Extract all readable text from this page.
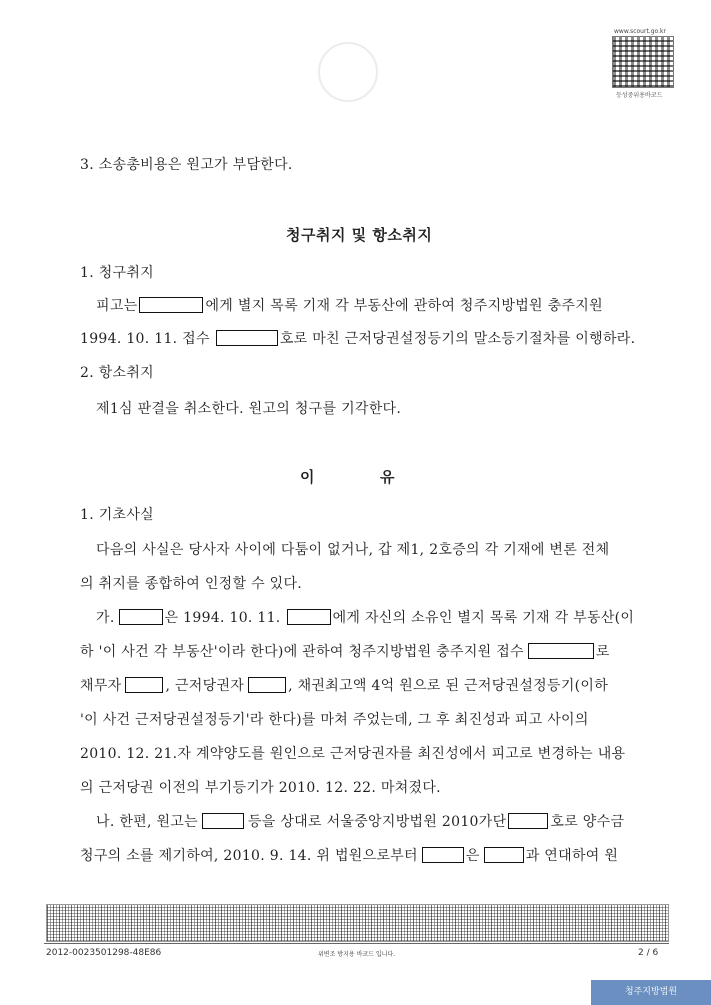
www.scourt.go.kr
등성중위용바코드
3. 소송총비용은 원고가 부담한다.
청구취지 및 항소취지
1. 청구취지
피고는	에게 별지 목록 기재 각 부동산에 관하여 청주지방법원 충주지원
1994. 10. 11. 접수	호로 마친 근저당권설정등기의 말소등기절차를 이행하라.
2. 항소취지
제1심 판결을 취소한다. 원고의 청구를 기각한다.
이	유
1. 기초사실
다음의 사실은 당사자 사이에 다툼이 없거나, 갑 제1, 2호증의 각 기재에 변론 전체
의 취지를 종합하여 인정할 수 있다.
가.	은 1994. 10. 11.	에게 자신의 소유인 별지 목록 기재 각 부동산(이
하 '이 사건 각 부동산'이라 한다)에 관하여 청주지방법원 충주지원 접수	로
채무자	, 근저당권자	, 채권최고액 4억 원으로 된 근저당권설정등기(이하
'이 사건 근저당권설정등기'라 한다)를 마쳐 주었는데, 그 후 최진성과 피고 사이의
2010. 12. 21.자 계약양도를 원인으로 근저당권자를 최진성에서 피고로 변경하는 내용
의 근저당권 이전의 부기등기가 2010. 12. 22. 마쳐졌다.
나. 한편, 원고는	등을 상대로 서울중앙지방법원 2010가단	호로 양수금
청구의 소를 제기하여, 2010. 9. 14. 위 법원으로부터	은	과 연대하여 원
2012-0023501298-48E86	위변조 방지용 바코드 입니다.	2 / 6
청주지방법원
